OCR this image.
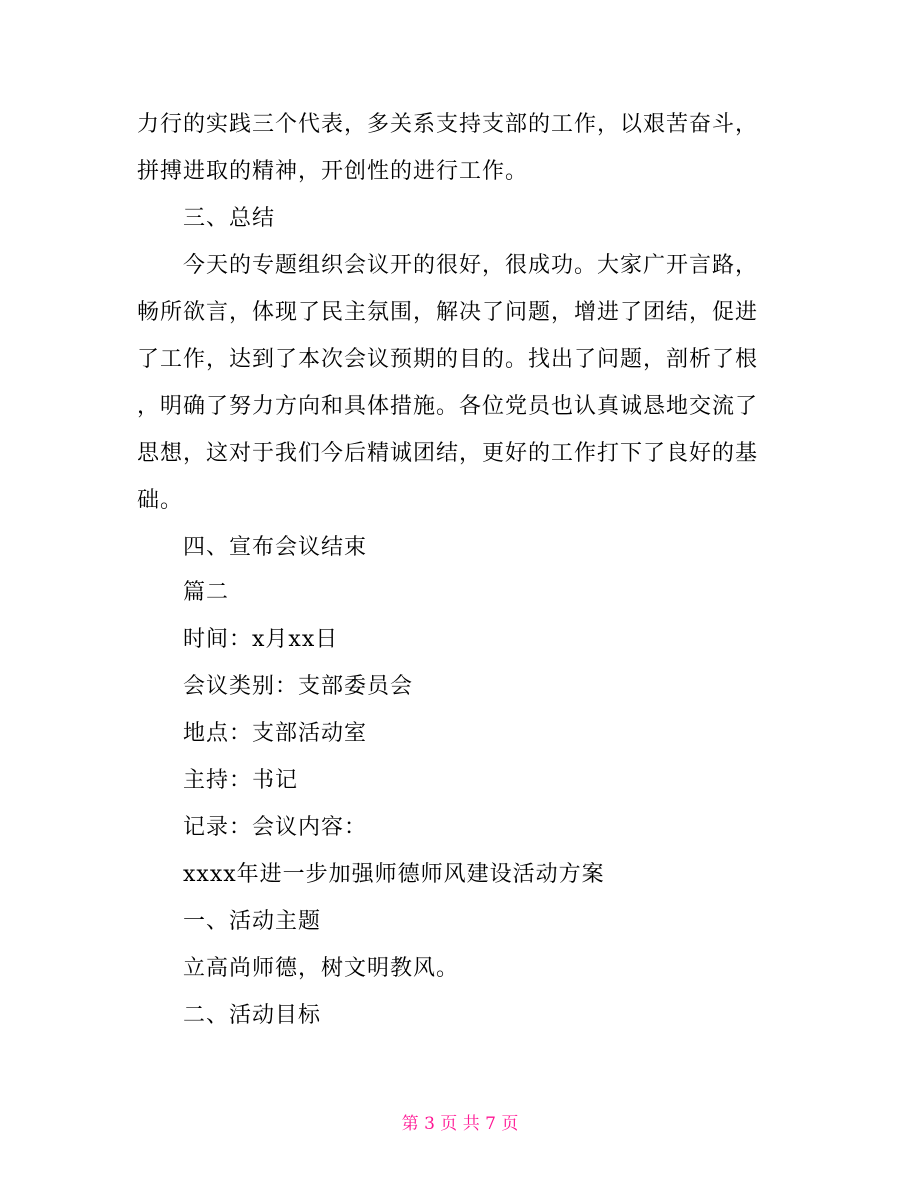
力行的实践三个代表，多关系支持支部的工作，以艰苦奋斗，
拼搏进取的精神，开创性的进行工作。
三、总结
今天的专题组织会议开的很好，很成功。大家广开言路，
畅所欲言，体现了民主氛围，解决了问题，增进了团结，促进
了工作，达到了本次会议预期的目的。找出了问题，剖析了根
，明确了努力方向和具体措施。各位党员也认真诚恳地交流了
思想，这对于我们今后精诚团结，更好的工作打下了良好的基
础。
四、宣布会议结束
篇二
时间：x月xx日
会议类别：支部委员会
地点：支部活动室
主持：书记
记录：会议内容：
xxxx年进一步加强师德师风建设活动方案
一、活动主题
立高尚师德，树文明教风。
二、活动目标
第 3 页 共 7 页
